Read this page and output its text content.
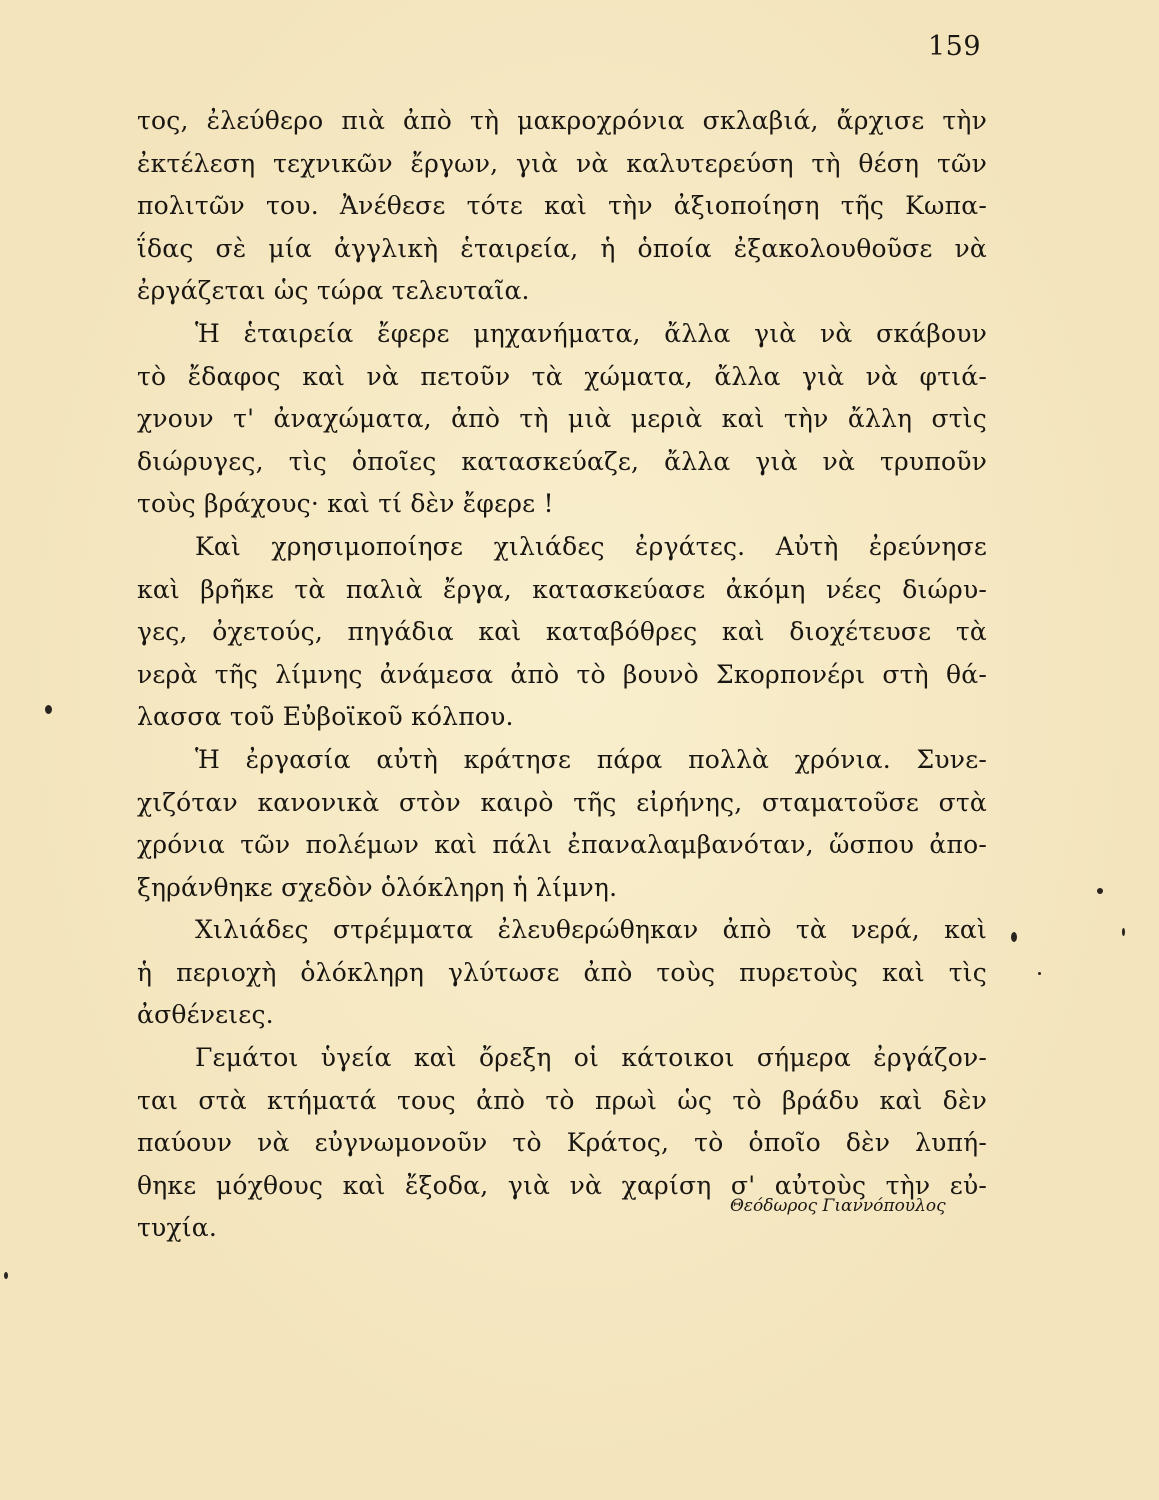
159
τος, ἐλεύθερο πιὰ ἀπὸ τὴ μακροχρόνια σκλαβιά, ἄρχισε τὴν
ἐκτέλεση τεχνικῶν ἔργων, γιὰ νὰ καλυτερεύση τὴ θέση τῶν
πολιτῶν του. Ἀνέθεσε τότε καὶ τὴν ἀξιοποίηση τῆς Κωπα-
ΐδας σὲ μία ἀγγλικὴ ἑταιρεία, ἡ ὁποία ἐξακολουθοῦσε νὰ
ἐργάζεται ὡς τώρα τελευταῖα.
Ἡ ἑταιρεία ἔφερε μηχανήματα, ἄλλα γιὰ νὰ σκάβουν
τὸ ἔδαφος καὶ νὰ πετοῦν τὰ χώματα, ἄλλα γιὰ νὰ φτιά-
χνουν τ' ἀναχώματα, ἀπὸ τὴ μιὰ μεριὰ καὶ τὴν ἄλλη στὶς
διώρυγες, τὶς ὁποῖες κατασκεύαζε, ἄλλα γιὰ νὰ τρυποῦν
τοὺς βράχους· καὶ τί δὲν ἔφερε !
Καὶ χρησιμοποίησε χιλιάδες ἐργάτες. Αὐτὴ ἐρεύνησε
καὶ βρῆκε τὰ παλιὰ ἔργα, κατασκεύασε ἀκόμη νέες διώρυ-
γες, ὀχετούς, πηγάδια καὶ καταβόθρες καὶ διοχέτευσε τὰ
νερὰ τῆς λίμνης ἀνάμεσα ἀπὸ τὸ βουνὸ Σκορπονέρι στὴ θά-
λασσα τοῦ Εὐβοϊκοῦ κόλπου.
Ἡ ἐργασία αὐτὴ κράτησε πάρα πολλὰ χρόνια. Συνε-
χιζόταν κανονικὰ στὸν καιρὸ τῆς εἰρήνης, σταματοῦσε στὰ
χρόνια τῶν πολέμων καὶ πάλι ἐπαναλαμβανόταν, ὥσπου ἀπο-
ξηράνθηκε σχεδὸν ὁλόκληρη ἡ λίμνη.
Χιλιάδες στρέμματα ἐλευθερώθηκαν ἀπὸ τὰ νερά, καὶ
ἡ περιοχὴ ὁλόκληρη γλύτωσε ἀπὸ τοὺς πυρετοὺς καὶ τὶς
ἀσθένειες.
Γεμάτοι ὑγεία καὶ ὄρεξη οἱ κάτοικοι σήμερα ἐργάζον-
ται στὰ κτήματά τους ἀπὸ τὸ πρωὶ ὡς τὸ βράδυ καὶ δὲν
παύουν νὰ εὐγνωμονοῦν τὸ Κράτος, τὸ ὁποῖο δὲν λυπή-
θηκε μόχθους καὶ ἔξοδα, γιὰ νὰ χαρίση σ' αὐτοὺς τὴν εὐ-
τυχία.
Θεόδωρος Γιαννόπουλος
